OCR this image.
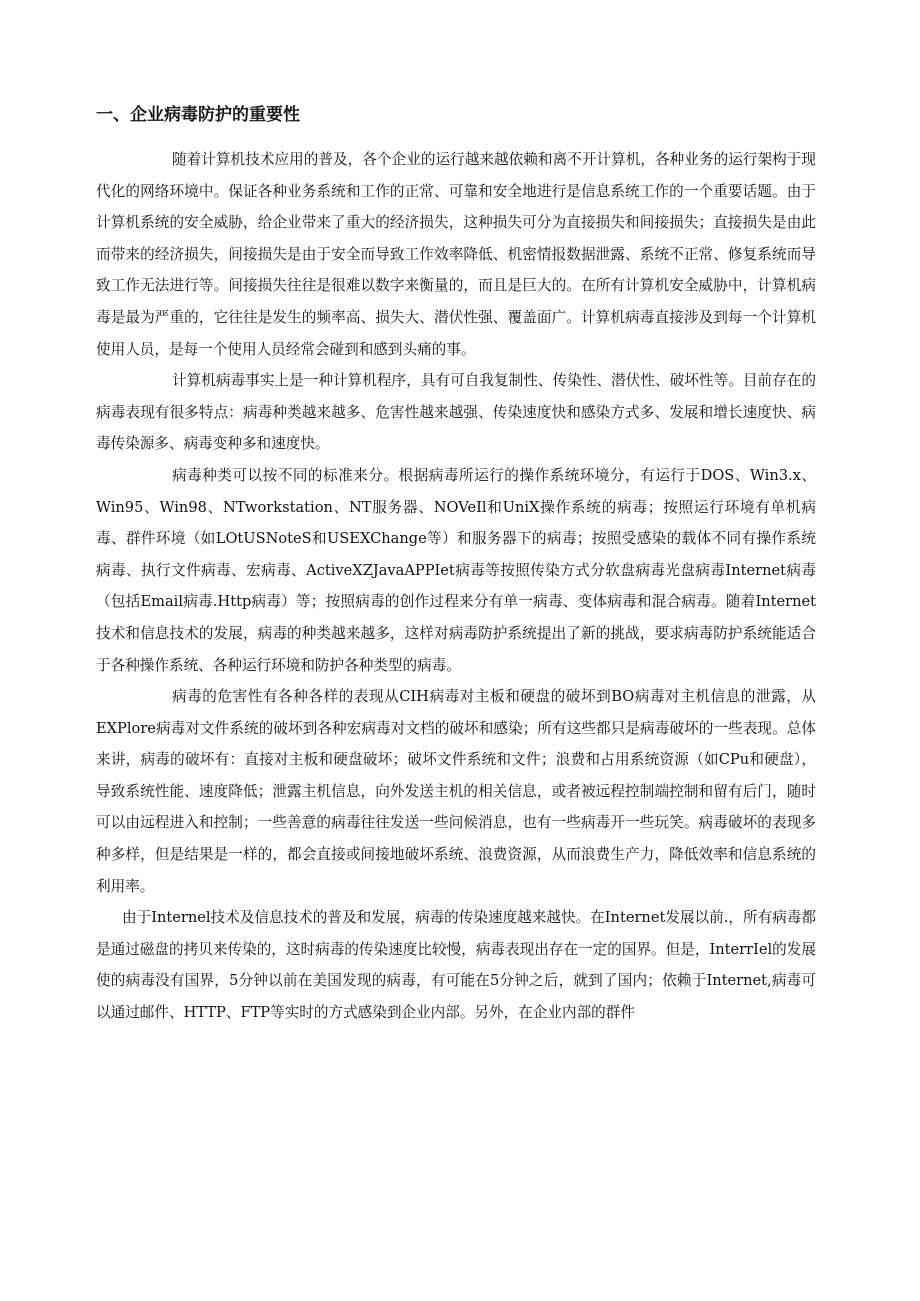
一、企业病毒防护的重要性

随着计算机技术应用的普及，各个企业的运行越来越依赖和离不开计算机，各种业务的运行架构于现代化的网络环境中。保证各种业务系统和工作的正常、可靠和安全地进行是信息系统工作的一个重要话题。由于计算机系统的安全威胁，给企业带来了重大的经济损失，这种损失可分为直接损失和间接损失；直接损失是由此而带来的经济损失，间接损失是由于安全而导致工作效率降低、机密情报数据泄露、系统不正常、修复系统而导致工作无法进行等。间接损失往往是很难以数字来衡量的，而且是巨大的。在所有计算机安全威胁中，计算机病毒是最为严重的，它往往是发生的频率高、损失大、潜伏性强、覆盖面广。计算机病毒直接涉及到每一个计算机使用人员，是每一个使用人员经常会碰到和感到头痛的事。

计算机病毒事实上是一种计算机程序，具有可自我复制性、传染性、潜伏性、破坏性等。目前存在的病毒表现有很多特点：病毒种类越来越多、危害性越来越强、传染速度快和感染方式多、发展和增长速度快、病毒传染源多、病毒变种多和速度快。

病毒种类可以按不同的标准来分。根据病毒所运行的操作系统环境分，有运行于DOS、Win3.x、Win95、Win98、NTworkstation、NT服务器、NOVeIl和UniX操作系统的病毒；按照运行环境有单机病毒、群件环境（如LOtUSNoteS和USEXChange等）和服务器下的病毒；按照受感染的载体不同有操作系统病毒、执行文件病毒、宏病毒、ActiveXZJavaAPPIet病毒等按照传染方式分软盘病毒光盘病毒Internet病毒（包括Email病毒.Http病毒）等；按照病毒的创作过程来分有单一病毒、变体病毒和混合病毒。随着Internet技术和信息技术的发展，病毒的种类越来越多，这样对病毒防护系统提出了新的挑战，要求病毒防护系统能适合于各种操作系统、各种运行环境和防护各种类型的病毒。

病毒的危害性有各种各样的表现从CIH病毒对主板和硬盘的破坏到BO病毒对主机信息的泄露，从EXPlore病毒对文件系统的破坏到各种宏病毒对文档的破坏和感染；所有这些都只是病毒破坏的一些表现。总体来讲，病毒的破坏有：直接对主板和硬盘破坏；破坏文件系统和文件；浪费和占用系统资源（如CPu和硬盘），导致系统性能、速度降低；泄露主机信息，向外发送主机的相关信息，或者被远程控制端控制和留有后门，随时可以由远程进入和控制；一些善意的病毒往往发送一些问候消息，也有一些病毒开一些玩笑。病毒破坏的表现多种多样，但是结果是一样的，都会直接或间接地破坏系统、浪费资源，从而浪费生产力，降低效率和信息系统的利用率。

由于Internel技术及信息技术的普及和发展，病毒的传染速度越来越快。在Internet发展以前.，所有病毒都是通过磁盘的拷贝来传染的，这时病毒的传染速度比较慢，病毒表现出存在一定的国界。但是，InterrIel的发展使的病毒没有国界，5分钟以前在美国发现的病毒，有可能在5分钟之后，就到了国内；依赖于Internet,病毒可以通过邮件、HTTP、FTP等实时的方式感染到企业内部。另外，在企业内部的群件
